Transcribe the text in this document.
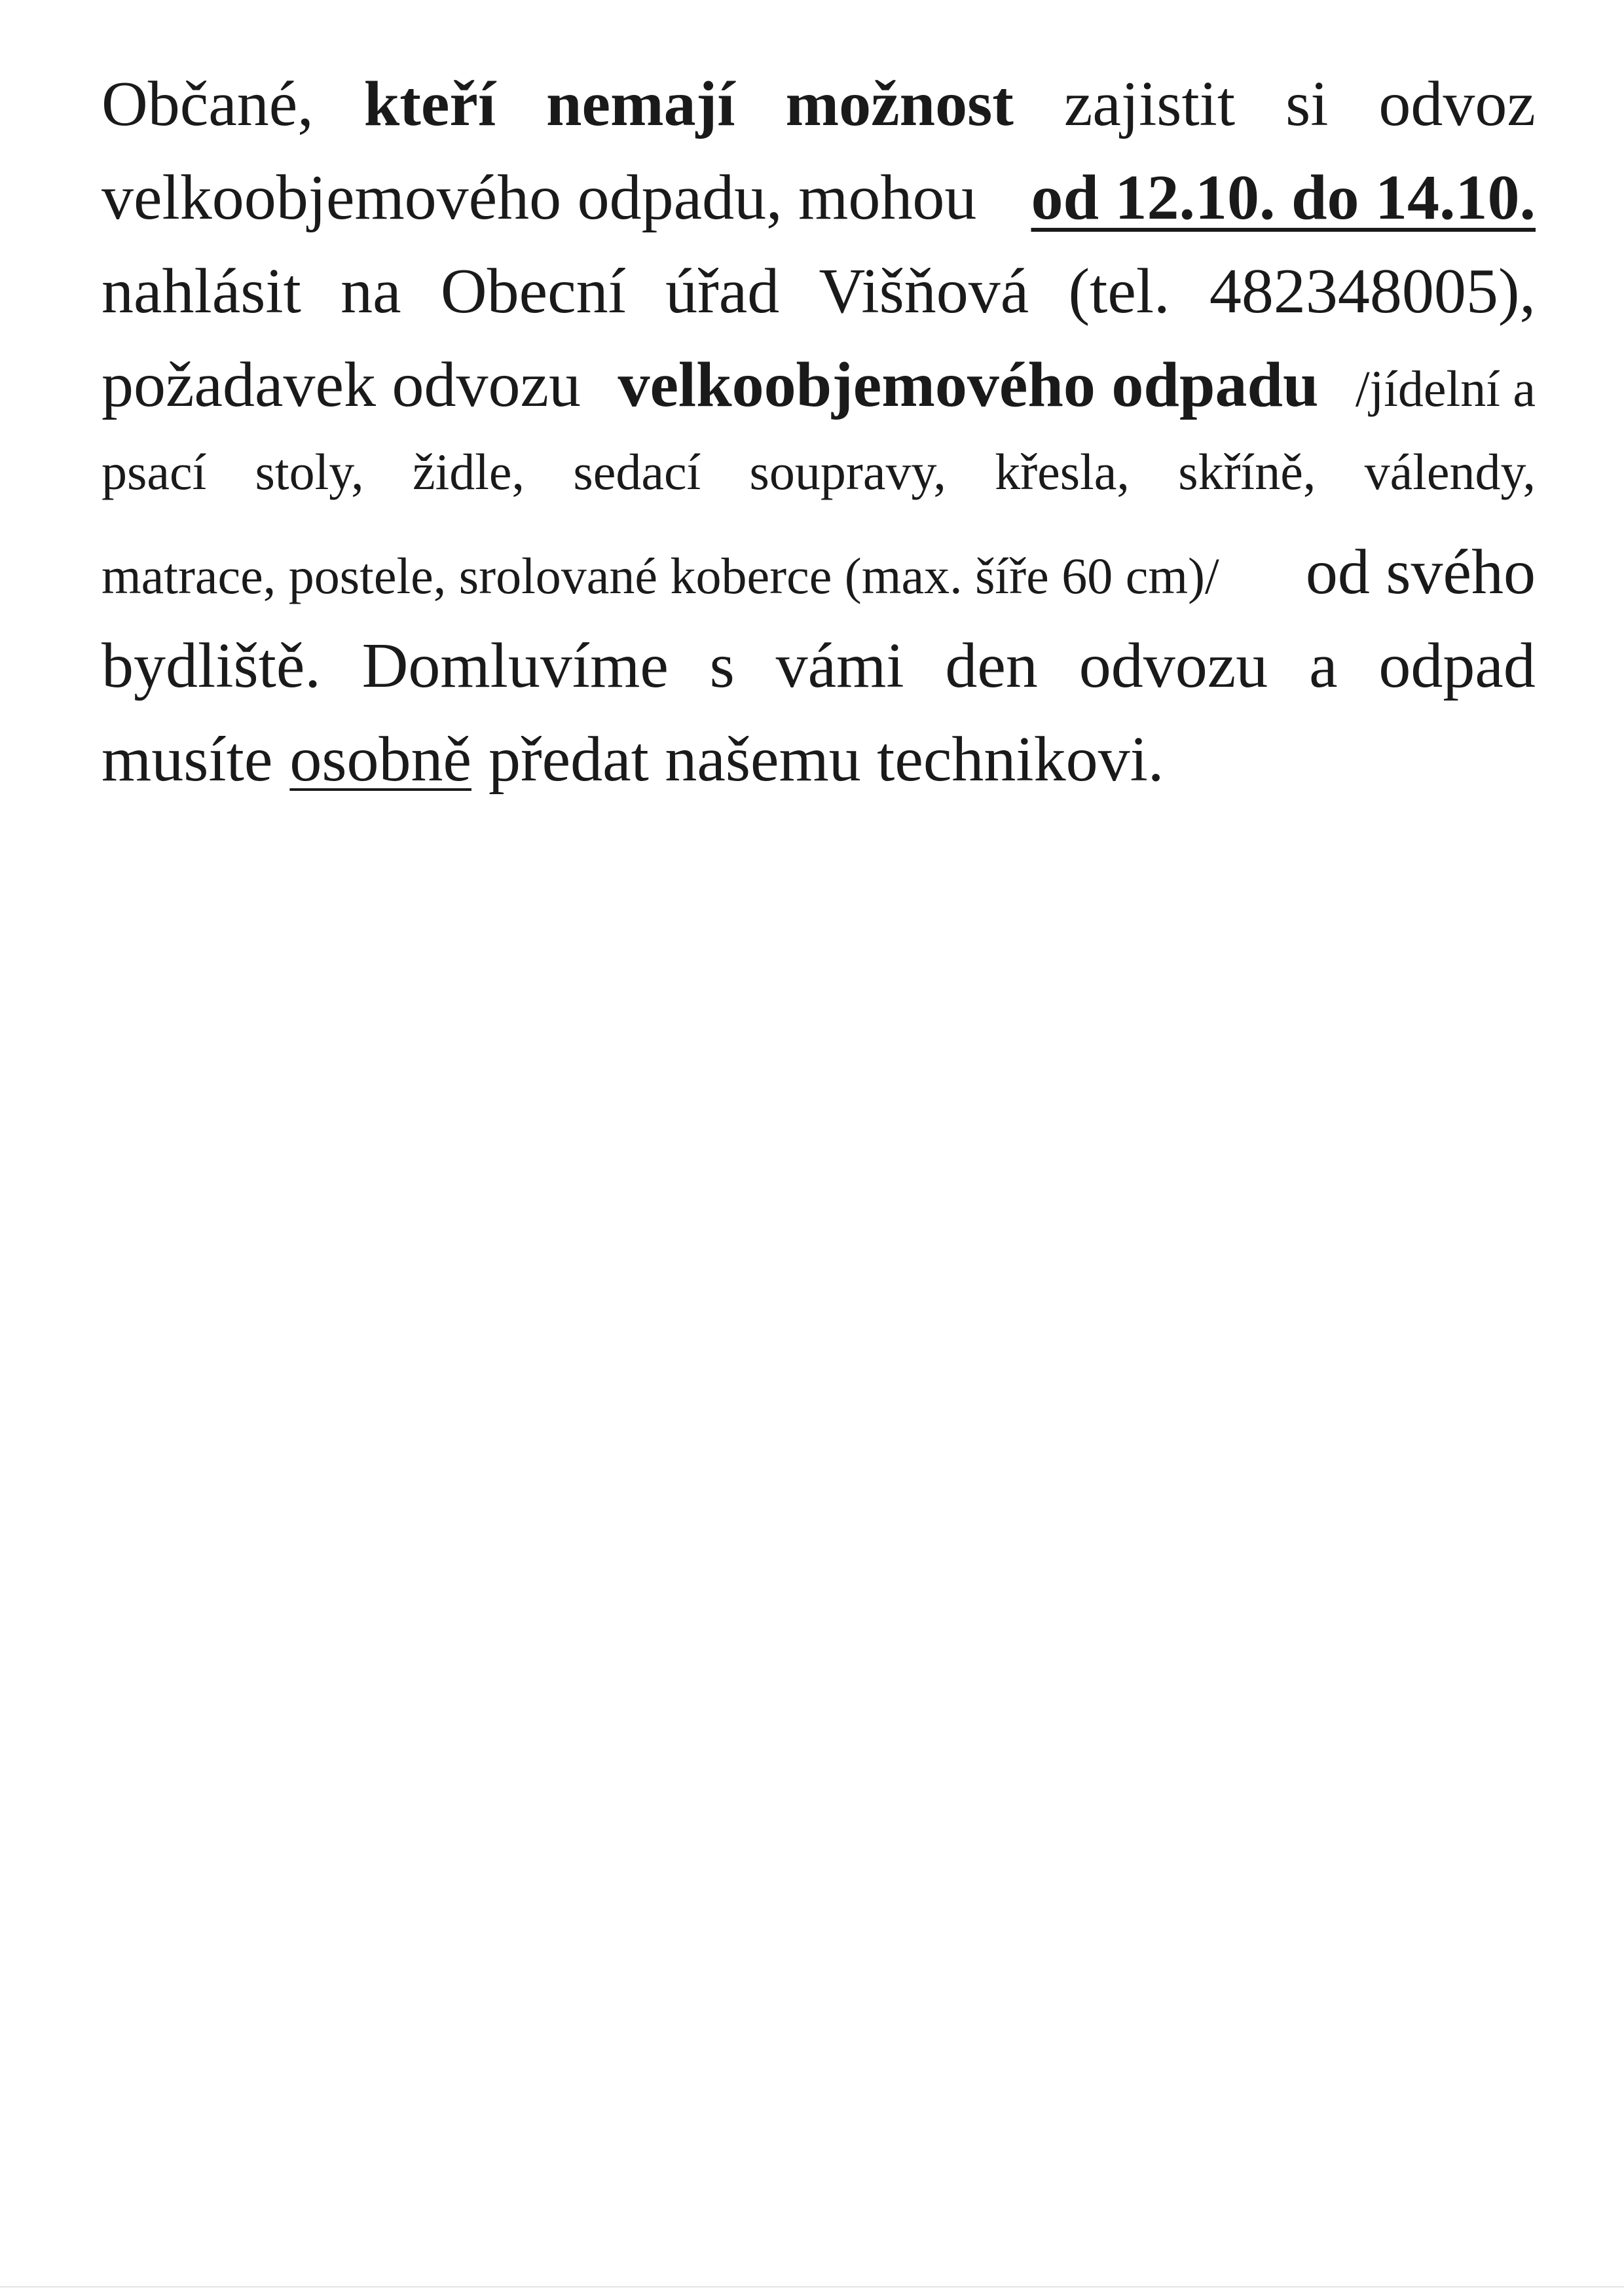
Občané, kteří nemají možnost zajistit si odvoz
velkoobjemového odpadu, mohou od 12.10. do 14.10.
nahlásit na Obecní úřad Višňová (tel. 482348005),
požadavek odvozu velkoobjemového odpadu /jídelní a
psací stoly, židle, sedací soupravy, křesla, skříně, válendy,
matrace, postele, srolované koberce (max. šíře 60 cm)/ od svého
bydliště. Domluvíme s vámi den odvozu a odpad
musíte osobně předat našemu technikovi.
